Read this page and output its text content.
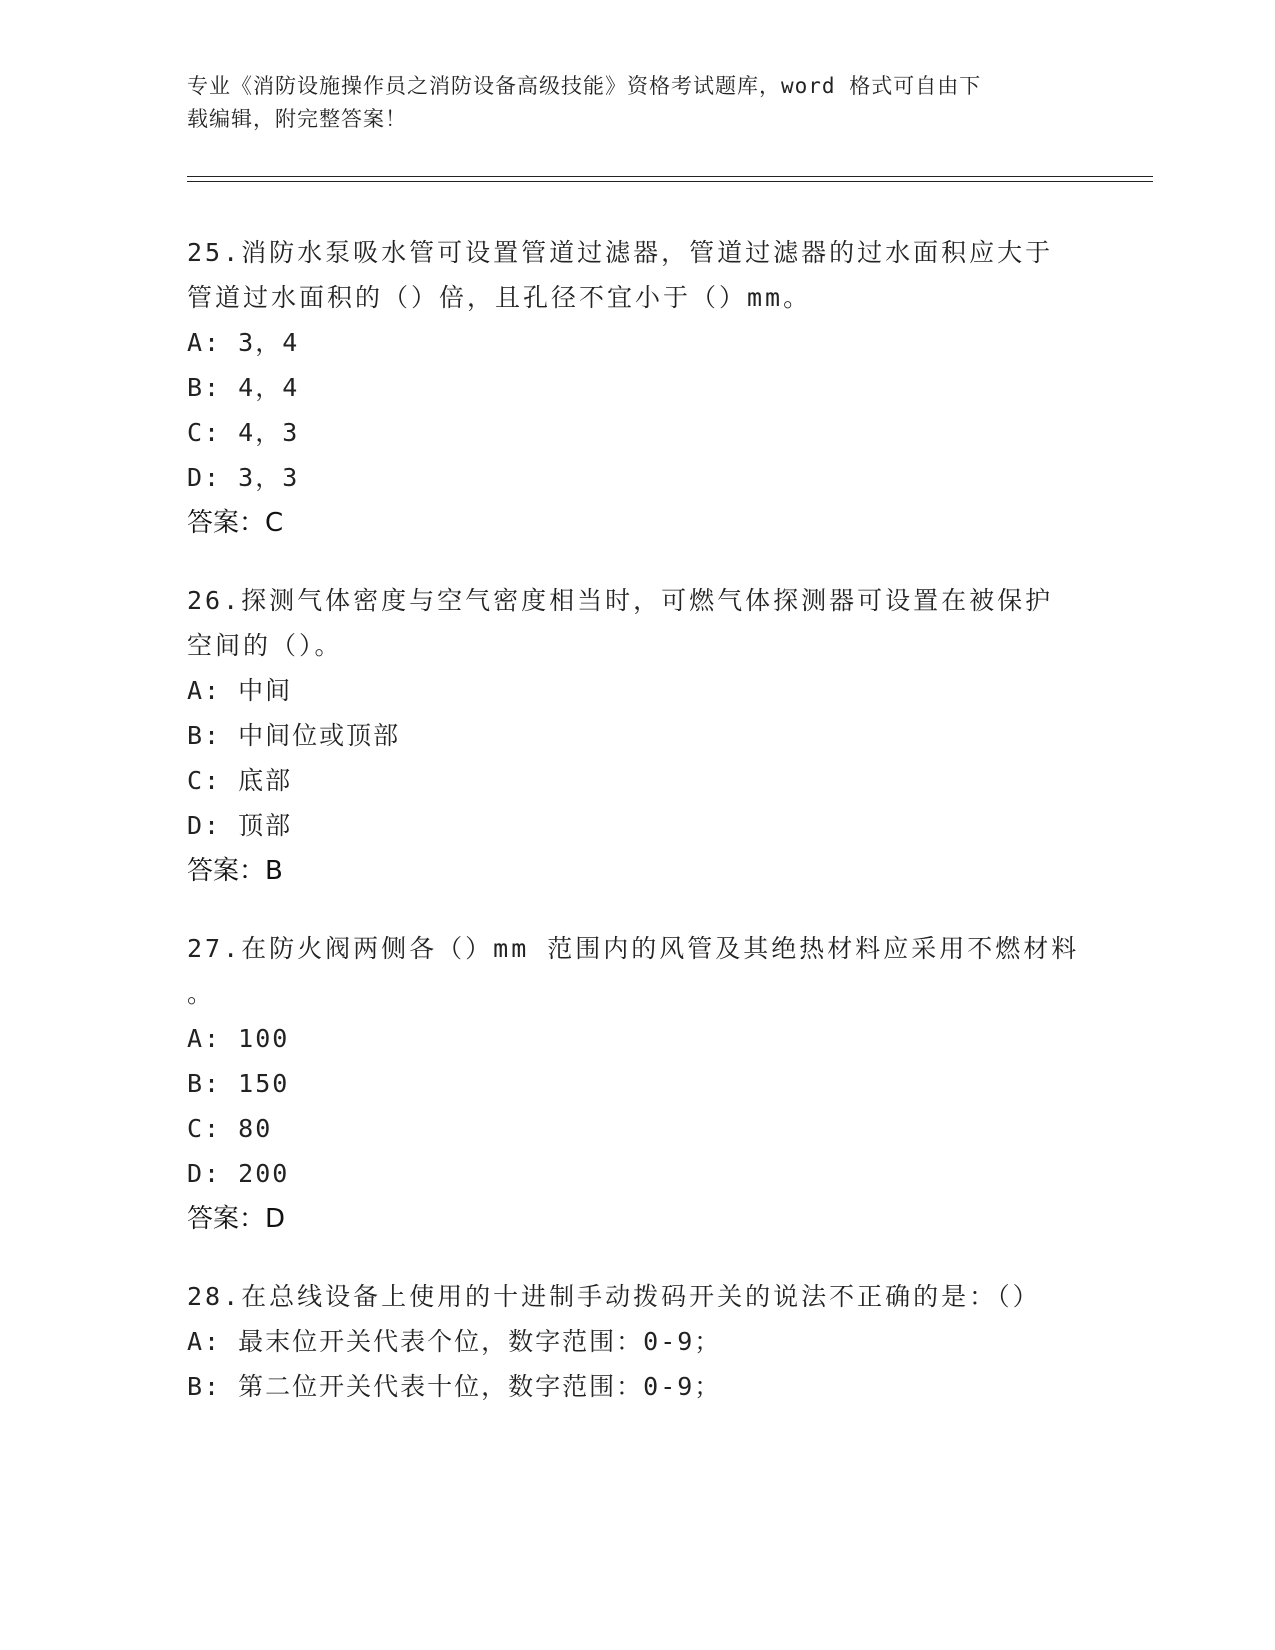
专业《消防设施操作员之消防设备高级技能》资格考试题库，word 格式可自由下
载编辑，附完整答案！

25.消防水泵吸水管可设置管道过滤器，管道过滤器的过水面积应大于

管道过水面积的（）倍，且孔径不宜小于（）mm。

A: 3，4

B: 4，4

C: 4，3

D: 3，3

答案：C

26.探测气体密度与空气密度相当时，可燃气体探测器可设置在被保护

空间的（）。

A: 中间

B: 中间位或顶部

C: 底部

D: 顶部

答案：B

27.在防火阀两侧各（）mm 范围内的风管及其绝热材料应采用不燃材料

。

A: 100

B: 150

C: 80

D: 200

答案：D

28.在总线设备上使用的十进制手动拨码开关的说法不正确的是：（）

A: 最末位开关代表个位，数字范围：0-9；

B: 第二位开关代表十位，数字范围：0-9；
